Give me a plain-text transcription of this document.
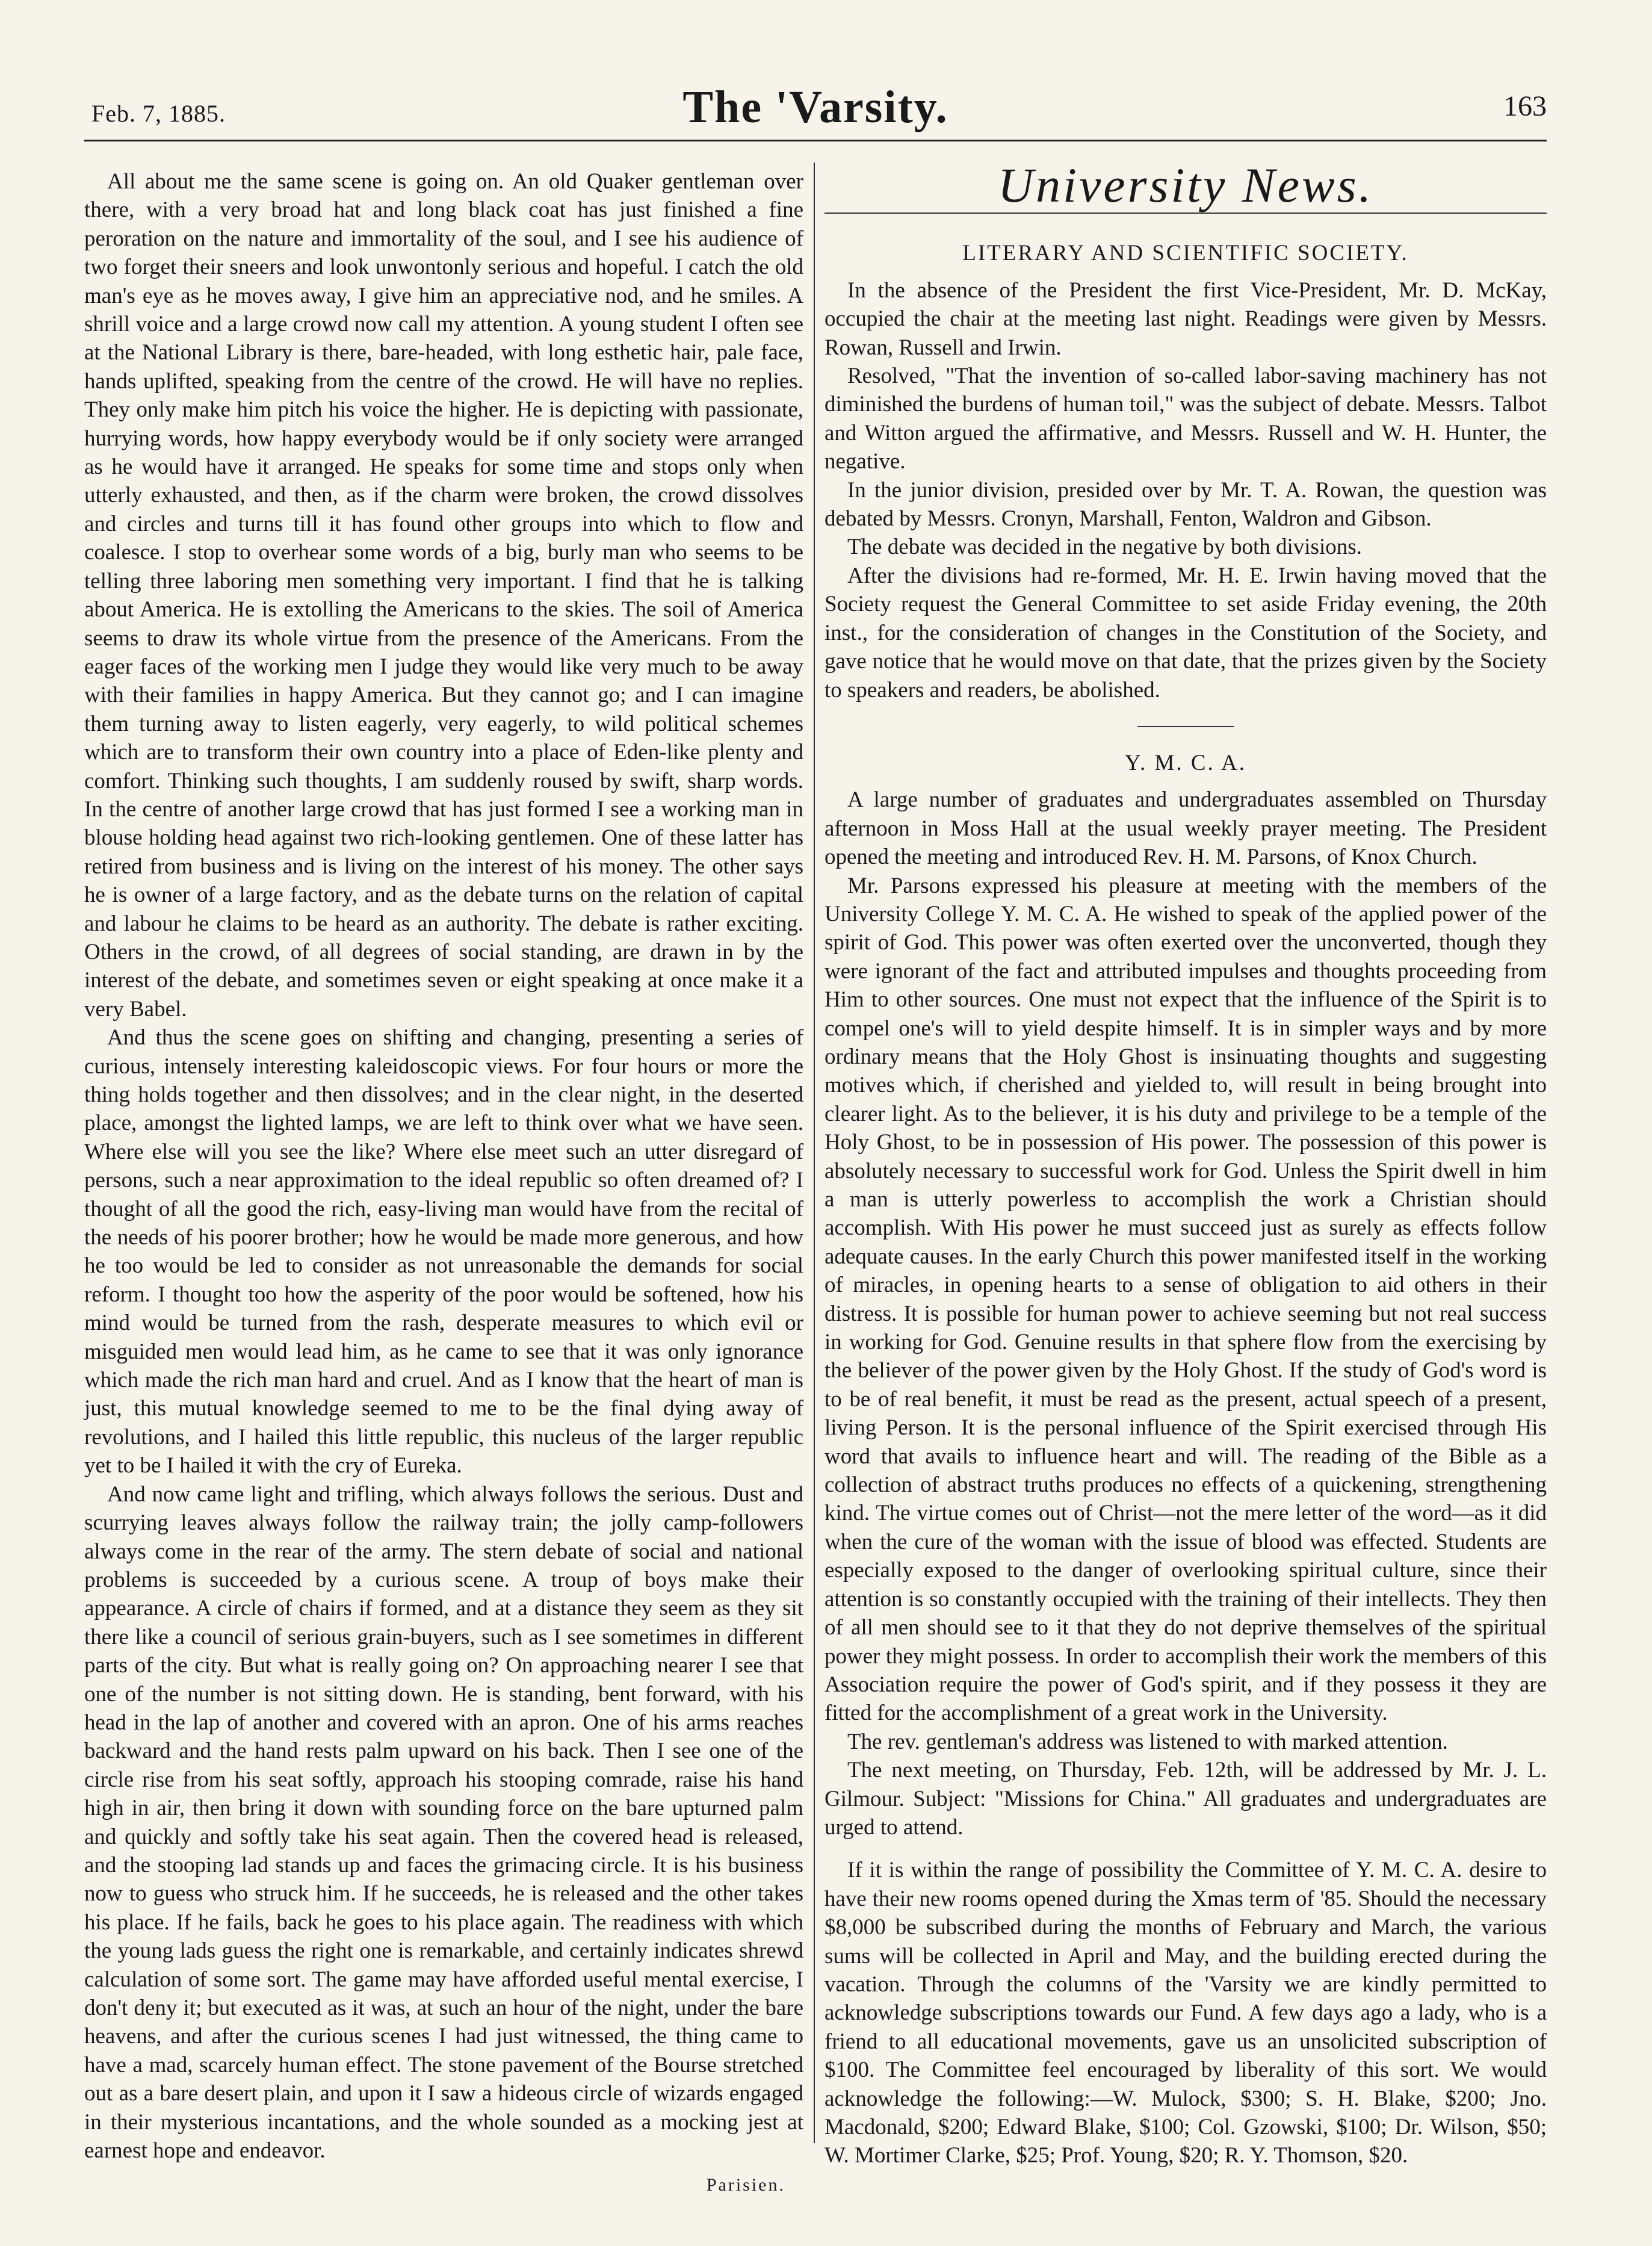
Feb. 7, 1885.	The 'Varsity.	163

All about me the same scene is going on. An old Quaker gentleman over there, with a very broad hat and long black coat has just finished a fine peroration on the nature and immortality of the soul, and I see his audience of two forget their sneers and look unwontonly serious and hopeful. I catch the old man's eye as he moves away, I give him an appreciative nod, and he smiles. A shrill voice and a large crowd now call my attention. A young student I often see at the National Library is there, bare-headed, with long esthetic hair, pale face, hands uplifted, speaking from the centre of the crowd. He will have no replies. They only make him pitch his voice the higher. He is depicting with passionate, hurrying words, how happy everybody would be if only society were arranged as he would have it arranged. He speaks for some time and stops only when utterly exhausted, and then, as if the charm were broken, the crowd dissolves and circles and turns till it has found other groups into which to flow and coalesce. I stop to overhear some words of a big, burly man who seems to be telling three laboring men something very important. I find that he is talking about America. He is extolling the Americans to the skies. The soil of America seems to draw its whole virtue from the presence of the Americans. From the eager faces of the working men I judge they would like very much to be away with their families in happy America. But they cannot go; and I can imagine them turning away to listen eagerly, very eagerly, to wild political schemes which are to transform their own country into a place of Eden-like plenty and comfort. Thinking such thoughts, I am suddenly roused by swift, sharp words. In the centre of another large crowd that has just formed I see a working man in blouse holding head against two rich-looking gentlemen. One of these latter has retired from business and is living on the interest of his money. The other says he is owner of a large factory, and as the debate turns on the relation of capital and labour he claims to be heard as an authority. The debate is rather exciting. Others in the crowd, of all degrees of social standing, are drawn in by the interest of the debate, and sometimes seven or eight speaking at once make it a very Babel.

And thus the scene goes on shifting and changing, presenting a series of curious, intensely interesting kaleidoscopic views. For four hours or more the thing holds together and then dissolves; and in the clear night, in the deserted place, amongst the lighted lamps, we are left to think over what we have seen. Where else will you see the like? Where else meet such an utter disregard of persons, such a near approximation to the ideal republic so often dreamed of? I thought of all the good the rich, easy-living man would have from the recital of the needs of his poorer brother; how he would be made more generous, and how he too would be led to consider as not unreasonable the demands for social reform. I thought too how the asperity of the poor would be softened, how his mind would be turned from the rash, desperate measures to which evil or misguided men would lead him, as he came to see that it was only ignorance which made the rich man hard and cruel. And as I know that the heart of man is just, this mutual knowledge seemed to me to be the final dying away of revolutions, and I hailed this little republic, this nucleus of the larger republic yet to be I hailed it with the cry of Eureka.

And now came light and trifling, which always follows the serious. Dust and scurrying leaves always follow the railway train; the jolly camp-followers always come in the rear of the army. The stern debate of social and national problems is succeeded by a curious scene. A troup of boys make their appearance. A circle of chairs if formed, and at a distance they seem as they sit there like a council of serious grain-buyers, such as I see sometimes in different parts of the city. But what is really going on? On approaching nearer I see that one of the number is not sitting down. He is standing, bent forward, with his head in the lap of another and covered with an apron. One of his arms reaches backward and the hand rests palm upward on his back. Then I see one of the circle rise from his seat softly, approach his stooping comrade, raise his hand high in air, then bring it down with sounding force on the bare upturned palm and quickly and softly take his seat again. Then the covered head is released, and the stooping lad stands up and faces the grimacing circle. It is his business now to guess who struck him. If he succeeds, he is released and the other takes his place. If he fails, back he goes to his place again. The readiness with which the young lads guess the right one is remarkable, and certainly indicates shrewd calculation of some sort. The game may have afforded useful mental exercise, I don't deny it; but executed as it was, at such an hour of the night, under the bare heavens, and after the curious scenes I had just witnessed, the thing came to have a mad, scarcely human effect. The stone pavement of the Bourse stretched out as a bare desert plain, and upon it I saw a hideous circle of wizards engaged in their mysterious incantations, and the whole sounded as a mocking jest at earnest hope and endeavor.

Parisien.
University News.
LITERARY AND SCIENTIFIC SOCIETY.

In the absence of the President the first Vice-President, Mr. D. McKay, occupied the chair at the meeting last night. Readings were given by Messrs. Rowan, Russell and Irwin.

Resolved, "That the invention of so-called labor-saving machinery has not diminished the burdens of human toil," was the subject of debate. Messrs. Talbot and Witton argued the affirmative, and Messrs. Russell and W. H. Hunter, the negative.

In the junior division, presided over by Mr. T. A. Rowan, the question was debated by Messrs. Cronyn, Marshall, Fenton, Waldron and Gibson.

The debate was decided in the negative by both divisions.

After the divisions had re-formed, Mr. H. E. Irwin having moved that the Society request the General Committee to set aside Friday evening, the 20th inst., for the consideration of changes in the Constitution of the Society, and gave notice that he would move on that date, that the prizes given by the Society to speakers and readers, be abolished.

Y. M. C. A.

A large number of graduates and undergraduates assembled on Thursday afternoon in Moss Hall at the usual weekly prayer meeting. The President opened the meeting and introduced Rev. H. M. Parsons, of Knox Church.

Mr. Parsons expressed his pleasure at meeting with the members of the University College Y. M. C. A. He wished to speak of the applied power of the spirit of God. This power was often exerted over the unconverted, though they were ignorant of the fact and attributed impulses and thoughts proceeding from Him to other sources. One must not expect that the influence of the Spirit is to compel one's will to yield despite himself. It is in simpler ways and by more ordinary means that the Holy Ghost is insinuating thoughts and suggesting motives which, if cherished and yielded to, will result in being brought into clearer light. As to the believer, it is his duty and privilege to be a temple of the Holy Ghost, to be in possession of His power. The possession of this power is absolutely necessary to successful work for God. Unless the Spirit dwell in him a man is utterly powerless to accomplish the work a Christian should accomplish. With His power he must succeed just as surely as effects follow adequate causes. In the early Church this power manifested itself in the working of miracles, in opening hearts to a sense of obligation to aid others in their distress. It is possible for human power to achieve seeming but not real success in working for God. Genuine results in that sphere flow from the exercising by the believer of the power given by the Holy Ghost. If the study of God's word is to be of real benefit, it must be read as the present, actual speech of a present, living Person. It is the personal influence of the Spirit exercised through His word that avails to influence heart and will. The reading of the Bible as a collection of abstract truths produces no effects of a quickening, strengthening kind. The virtue comes out of Christ—not the mere letter of the word—as it did when the cure of the woman with the issue of blood was effected. Students are especially exposed to the danger of overlooking spiritual culture, since their attention is so constantly occupied with the training of their intellects. They then of all men should see to it that they do not deprive themselves of the spiritual power they might possess. In order to accomplish their work the members of this Association require the power of God's spirit, and if they possess it they are fitted for the accomplishment of a great work in the University.

The rev. gentleman's address was listened to with marked attention.

The next meeting, on Thursday, Feb. 12th, will be addressed by Mr. J. L. Gilmour. Subject: "Missions for China." All graduates and undergraduates are urged to attend.

If it is within the range of possibility the Committee of Y. M. C. A. desire to have their new rooms opened during the Xmas term of '85. Should the necessary $8,000 be subscribed during the months of February and March, the various sums will be collected in April and May, and the building erected during the vacation. Through the columns of the 'Varsity we are kindly permitted to acknowledge subscriptions towards our Fund. A few days ago a lady, who is a friend to all educational movements, gave us an unsolicited subscription of $100. The Committee feel encouraged by liberality of this sort. We would acknowledge the following:—W. Mulock, $300; S. H. Blake, $200; Jno. Macdonald, $200; Edward Blake, $100; Col. Gzowski, $100; Dr. Wilson, $50; W. Mortimer Clarke, $25; Prof. Young, $20; R. Y. Thomson, $20.
